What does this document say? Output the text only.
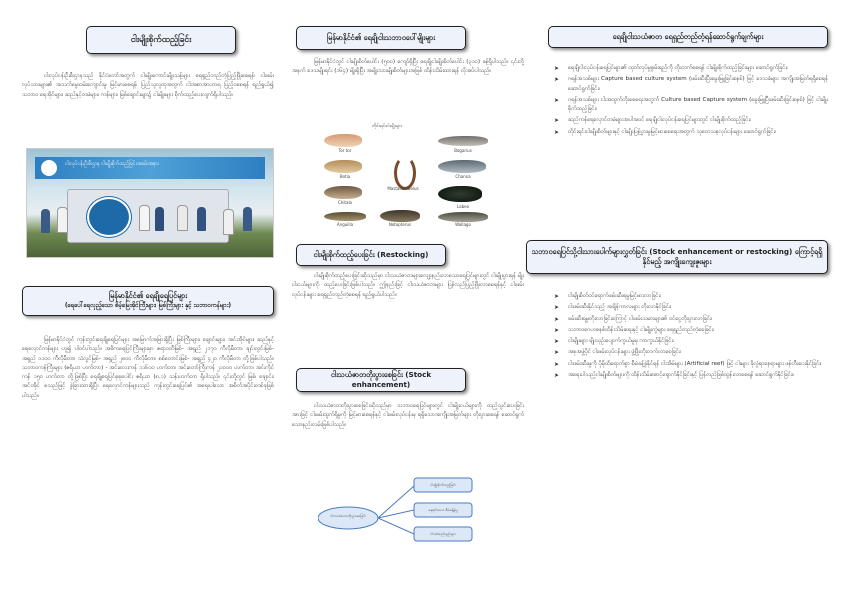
ငါးမျိုးစိုက်ထည့်ခြင်း
ငါးလုပ်ငန်းဦးစီးဌာနသည် နိုင်ငံတော်အတွက် ငါးမျိုးကောင်းမျိုးသန့်များ ရေရှည်တည်တံ့ပြည့်ဖြိုးစေရန်၊ ငါးဖမ်းလုပ်သားများ၏ အသက်မွေးဝမ်းကျောင်းမှု မြင့်မားစေရန်၊ ပြည်သူလူထုအတွက် ငါးအစာအာဟာရ ပြည့်ဝစေရန် ရည်ရွယ်၍ သဘာဝ ရေအိုင်များ၊ ဆည်နှင့်တမံများ၊ ကန်များ၊ မြစ်ချောင်းများ၌ ငါးမျိုးများ စိုက်ထည့်ပေးလျက်ရှိပါသည်။
ငါးလုပ်ငန်းဦးစီးဌာန ငါးမျိုးစိုက်ထည့်ခြင်းအခမ်းအနား
မြန်မာနိုင်ငံ၏ ရေချိုရေပြင်များ
(ရေပေါ်ရေလှည့်သော စိမ့်မြေအိုင်ကြီးများ၊ မြစ်ကြီးများ နှင့် သဘာဝကန်များ)
မြန်မာနိုင်ငံတွင် ကုန်းတွင်းရေချိုရေပြင်များ အမြောက်အမြားရှိပြီး မြစ်ကြီးများ၊ ချောင်းများ၊ အင်းအိုင်များ၊ ဆည်နှင့်ရေလှောင်ကန်များ ဟူ၍ ပါဝင်ပါသည်။ အဓိကရေပြင်ကြီးများမှာ ဧရာဝတီမြစ်- အရှည် ၂၁၇၀ ကီလိုမီတာ၊ ချင်းတွင်းမြစ်- အရှည် ၁၁၀၀ ကီလိုမီတာ၊ သံလွင်မြစ်- အရှည် ၂၈၀၀ ကီလိုမီတာ၊ စစ်တောင်းမြစ်- အရှည် ၄၂၀ ကီလိုမီတာ တို့ဖြစ်ပါသည်။ သဘာဝကန်ကြီးများ (ဧရိယာ ဟက်တာ) - အင်းလေးကန် ၁၁၆၀၀ ဟက်တာ၊ အင်းတော်ကြီးကန် ၂၁၀၀၀ ဟက်တာ၊ အင်းကိုင်ကန် ၁၅၀ ဟက်တာ တို့ဖြစ်ပြီး ရေချိုရေပြင်စုစုပေါင်း ဧရိယာ (၈.၁) သန်းဟက်တာ ရှိပါသည်။ ၎င်းတို့တွင် မြစ်၊ ချောင်း၊ အင်းအိုင် စသည်ဖြင့် ခွဲခြားထားရှိပြီး ရေလှောင်ကန်များသည် ကုန်းတွင်းရေပြင်၏ အရေးပါသော အစိတ်အပိုင်းတစ်ခုဖြစ်ပါသည်။
မြန်မာနိုင်ငံ၏ ရေချိုငါးသဘာဝပေါ်မျိုးများ
မြန်မာနိုင်ငံတွင် ငါးမျိုးစိတ်ပေါင်း (၅၀၀) ကျော်ရှိပြီး ရေချိုငါးမျိုးစိတ်ပေါင်း (၃၁၀) ခန့်ရှိပါသည်။ ၎င်းတို့အနက် ဒေသမျိုးရင်း (၁၆၄) မျိုးရှိပြီး အမျိုးသားမျိုးစိတ်များအဖြစ် ထိန်းသိမ်းထားရန် လိုအပ်ပါသည်။
တိုင်းရင်းငါးမျိုးများ
Tor tor	Bagarius
Botia
Mastacembelus
Channa
Chitala
Labeo
Anguilla	Notopterus	Wallago
ငါးမျိုးစိုက်ထည့်ပေးခြင်း (Restocking)
ငါးမျိုးစိုက်ထည့်ပေးခြင်းဆိုသည်မှာ ငါးသယံဇာတများလျော့နည်းလာသောရေပြင်များတွင် ငါးမျိုးပွားရန် မျိုးငါးငယ်များကို ထည့်ပေးခြင်းဖြစ်ပါသည်။ ဤနည်းဖြင့် ငါးသယံဇာတများ ပြန်လည်ပြည့်ဖြိုးလာစေရန်နှင့် ငါးဖမ်းလုပ်ငန်းများ ရေရှည်တည်တံ့စေရန် ရည်ရွယ်ပါသည်။
ငါးသယံဇာတတိုးပွားစေခြင်း (Stock enhancement)
ငါးသယံဇာတတိုးပွားစေခြင်းဆိုသည်မှာ သဘာဝရေပြင်များတွင် ငါးမျိုးငယ်များကို ထည့်သွင်းပေးခြင်းအားဖြင့် ငါးဖမ်းထွက်ရှိမှုကို မြင့်မားစေရန်နှင့် ငါးဖမ်းလုပ်ငန်းမှ ရရှိသောအကျိုးအမြတ်များ တိုးပွားစေရန် ဆောင်ရွက်သောနည်းလမ်းဖြစ်ပါသည်။
ငါးသယံဇာတတိုးပွားစေခြင်း
ငါးမျိုးစိုက်ထည့်ခြင်း
နေရင်းဒေသ စီမံခန့်ခွဲမှု
ငါးဖမ်းစည်းမျဉ်းများ
ရေချိုငါးသယံဇာတ ရေရှည်တည်တံ့ရန်ဆောင်ရွက်ချက်များ
➤ ရေချိုငါးလုပ်ငန်းရေပြင်များ၏ ထုတ်လုပ်မှုစွမ်းရည်ကို တိုးတက်စေရန် ငါးမျိုးစိုက်ထည့်ခြင်းများ ဆောင်ရွက်ခြင်း၊
➤ ဂရန်အသစ်များ Capture based culture system (ဖမ်းဆီးပြီးမွေးမြူခြင်းစနစ်) ဖြင့် ဒေသခံများ အကျိုးအမြတ်ရရှိစေရန် ဆောင်ရွက်ခြင်း၊
➤ ဂရန်အသစ်များ ငါးအထွက်တိုးစေရေးအတွက် Culture based Capture system (မွေးမြူပြီးဖမ်းဆီးခြင်းစနစ်) ဖြင့် ငါးမျိုးစိုက်ထည့်ခြင်း၊
➤ ဆည်ကန်ရေလှောင်တမံများအပါအဝင် ရေချိုငါးလုပ်ငန်းရေပြင်များတွင် ငါးမျိုးစိုက်ထည့်ခြင်း၊
➤ တိုင်းရင်းငါးမျိုးစိတ်များနှင့် ငါးမျိုးပြန့်ပွားမှုမြင့်မားစေရေးအတွက် သုတေသနလုပ်ငန်းများ ဆောင်ရွက်ခြင်း၊
သဘာဝရေပြင်သို့ငါးသားပေါက်များလွှတ်ခြင်း (Stock enhancement or restocking) ကြောင့်ရရှိနိုင်မည့် အကျိုးကျေးဇူးများ
➤ ငါးမျိုးစိတ်ဝင်ရောက်ဖမ်းဆီးရမှုမြင့်မားလာခြင်း၊
➤ ငါးဖမ်းဆီးနိုင်သည့် အချိန်ကာလများ တိုးလာနိုင်ခြင်း၊
➤ ဖမ်းဆီးရမှုတိုးလာခြင်းကြောင့် ငါးဖမ်းသမားများ၏ ဝင်ငွေတိုးပွားလာခြင်း၊
➤ သဘာဝဂေဟစနစ်ထိန်းသိမ်းရေးနှင့် ငါးမျိုးကွဲများ ရေရှည်တည်တံ့စေခြင်း၊
➤ ငါးမျိုးများ မျိုးသုဉ်းပျောက်ကွယ်မှုမှ ကာကွယ်နိုင်ခြင်း၊
➤ အစုအဖွဲ့ပိုင် ငါးဖမ်းလုပ်ငန်းများ ဖွံ့ဖြိုးတိုးတက်လာစေခြင်း၊
➤ ငါးဖမ်းဆီးမှုကို ပိုမိုထိရောက်စွာ စီမံခန့်ခွဲနိုင်ရန် ငါးအိမ်များ (Artificial reef) ဖြင့် ငါးများ ခိုလှုံရာနေရာများ ဖန်တီးပေးနိုင်ခြင်း၊
➤ အရေးပါသည့်ငါးမျိုးစိတ်များကို ထိန်းသိမ်းစောင့်ရှောက်နိုင်ခြင်းနှင့် ပြန်လည်ဖြစ်ထွန်းလာစေရန် ဆောင်ရွက်နိုင်ခြင်း။
